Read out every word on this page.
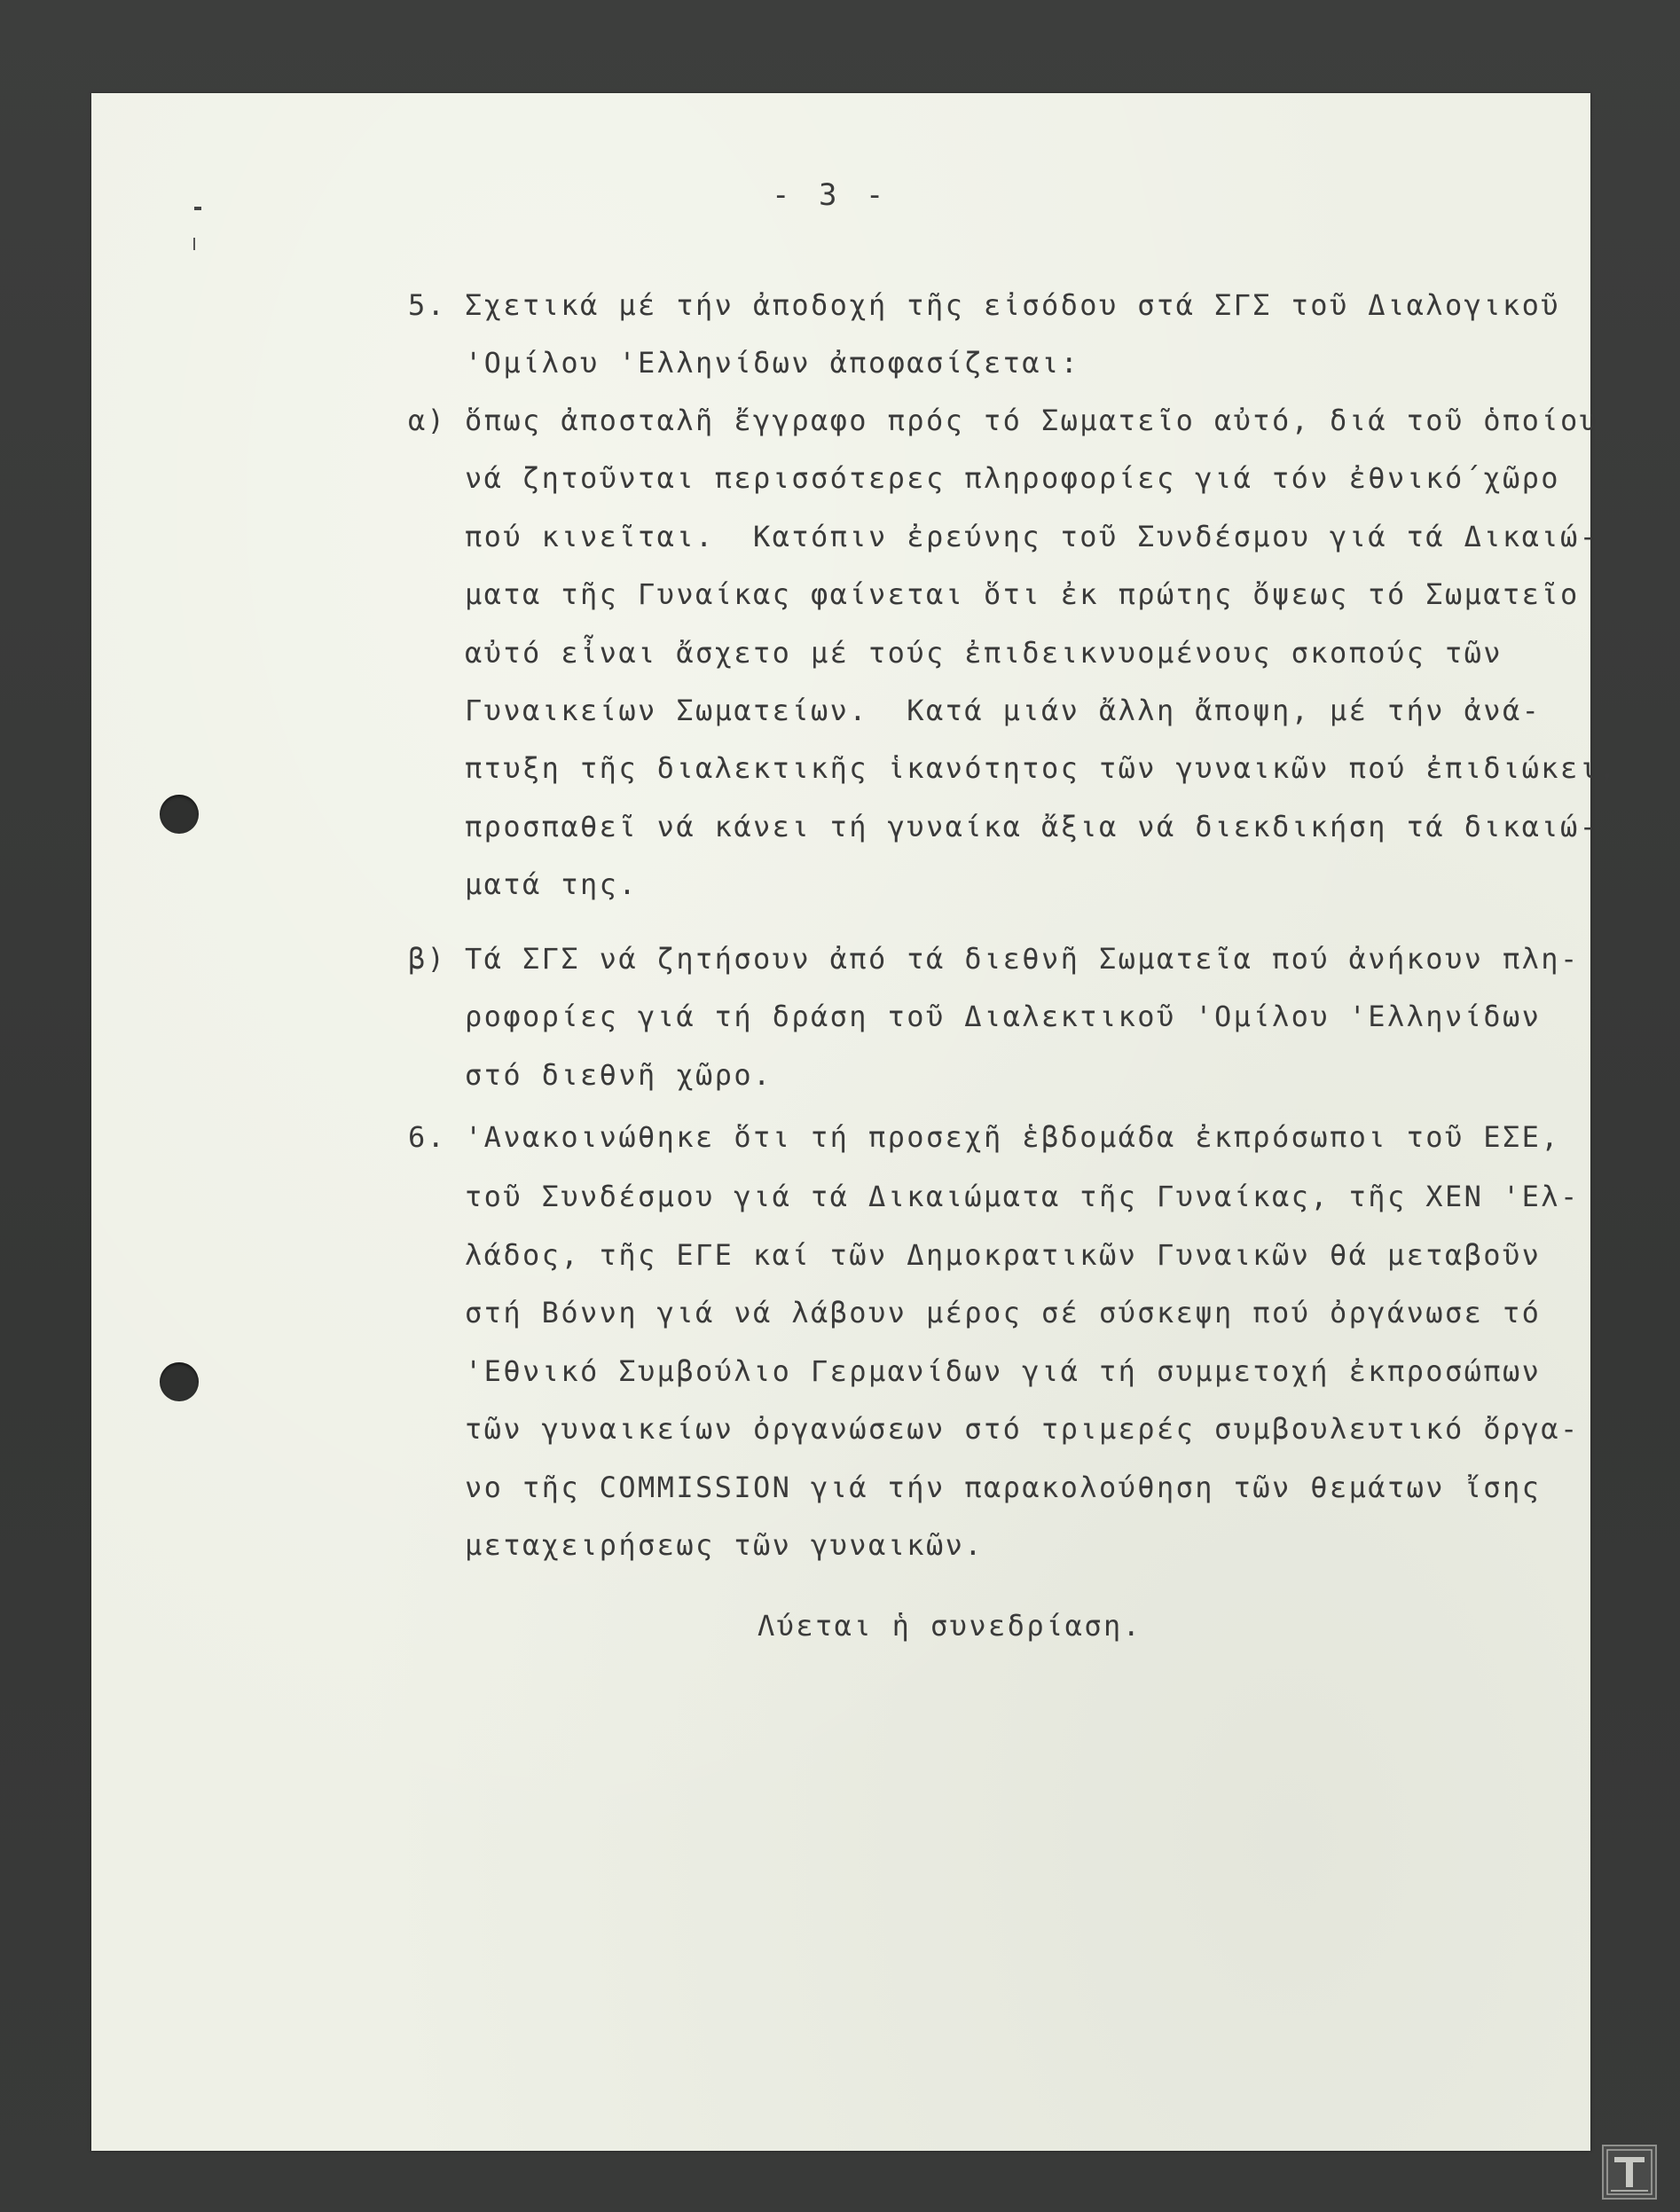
- 3 -
5. Σχετικά μέ τήν ἀποδοχή τῆς εἰσόδου στά ΣΓΣ τοῦ Διαλογικοῦ
'Ομίλου 'Ελληνίδων ἀποφασίζεται:
α) ὅπως ἀποσταλῆ ἔγγραφο πρός τό Σωματεῖο αὐτό, διά τοῦ ὁποίου
νά ζητοῦνται περισσότερες πληροφορίες γιά τόν ἐθνικό΄χῶρο
πού κινεῖται.  Κατόπιν ἐρεύνης τοῦ Συνδέσμου γιά τά Δικαιώ-
ματα τῆς Γυναίκας φαίνεται ὅτι ἐκ πρώτης ὄψεως τό Σωματεῖο
αὐτό εἶναι ἄσχετο μέ τούς ἐπιδεικνυομένους σκοπούς τῶν
Γυναικείων Σωματείων.  Κατά μιάν ἄλλη ἄποψη, μέ τήν ἀνά-
πτυξη τῆς διαλεκτικῆς ἱκανότητος τῶν γυναικῶν πού ἐπιδιώκει,
προσπαθεῖ νά κάνει τή γυναίκα ἄξια νά διεκδικήση τά δικαιώ-
ματά της.
β) Τά ΣΓΣ νά ζητήσουν ἀπό τά διεθνῆ Σωματεῖα πού ἀνήκουν πλη-
ροφορίες γιά τή δράση τοῦ Διαλεκτικοῦ 'Ομίλου 'Ελληνίδων
στό διεθνῆ χῶρο.
6. 'Ανακοινώθηκε ὅτι τή προσεχῆ ἑβδομάδα ἐκπρόσωποι τοῦ ΕΣΕ,
τοῦ Συνδέσμου γιά τά Δικαιώματα τῆς Γυναίκας, τῆς ΧΕΝ 'Ελ-
λάδος, τῆς ΕΓΕ καί τῶν Δημοκρατικῶν Γυναικῶν θά μεταβοῦν
στή Βόννη γιά νά λάβουν μέρος σέ σύσκεψη πού ὀργάνωσε τό
'Εθνικό Συμβούλιο Γερμανίδων γιά τή συμμετοχή ἐκπροσώπων
τῶν γυναικείων ὀργανώσεων στό τριμερές συμβουλευτικό ὄργα-
νο τῆς COMMISSION γιά τήν παρακολούθηση τῶν θεμάτων ἴσης
μεταχειρήσεως τῶν γυναικῶν.
Λύεται ἡ συνεδρίαση.
